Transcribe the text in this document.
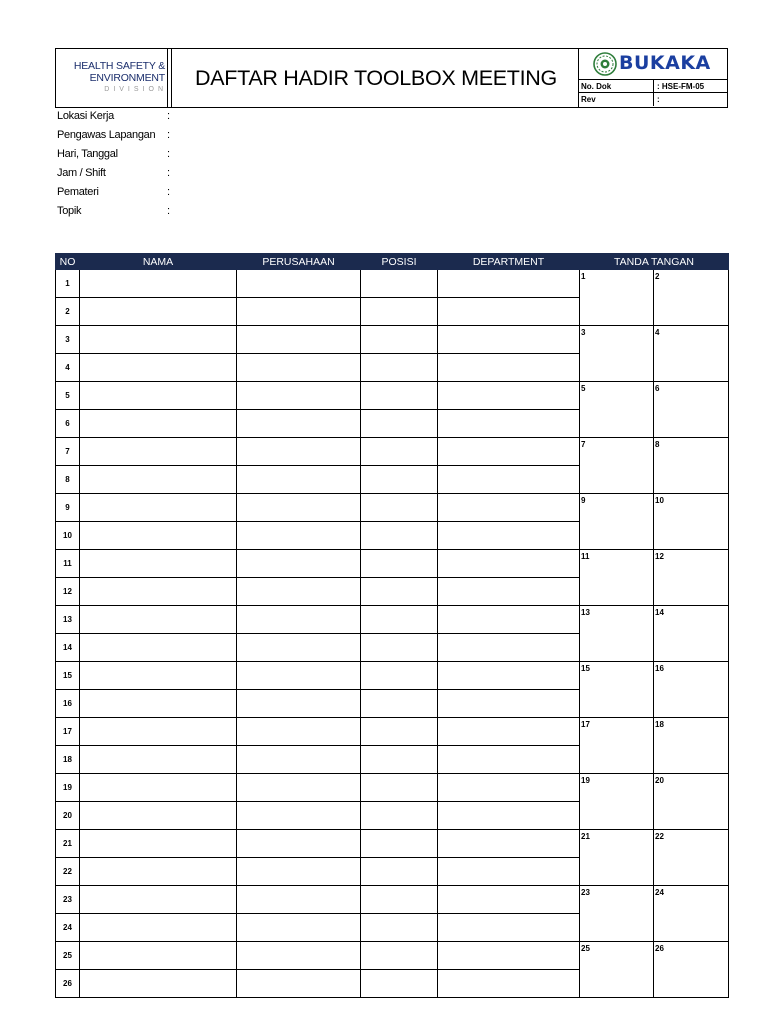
HEALTH SAFETY &
ENVIRONMENT
DIVISION	DAFTAR HADIR TOOLBOX MEETING
BUKAKA
No. Dok	: HSE-FM-05
Rev	:
Lokasi Kerja	:
Pengawas Lapangan :
Hari, Tanggal	:
Jam / Shift	:
Pemateri	:
Topik	:
NO	NAMA	PERUSAHAAN	POSISI	DEPARTMENT	TANDA TANGAN	
1					1	2
2						
3					3	4
4						
5					5	6
6						
7					7	8
8						
9					9	10
10						
11					11	12
12						
13					13	14
14						
15					15	16
16						
17					17	18
18						
19					19	20
20						
21					21	22
22						
23					23	24
24						
25					25	26
26						
